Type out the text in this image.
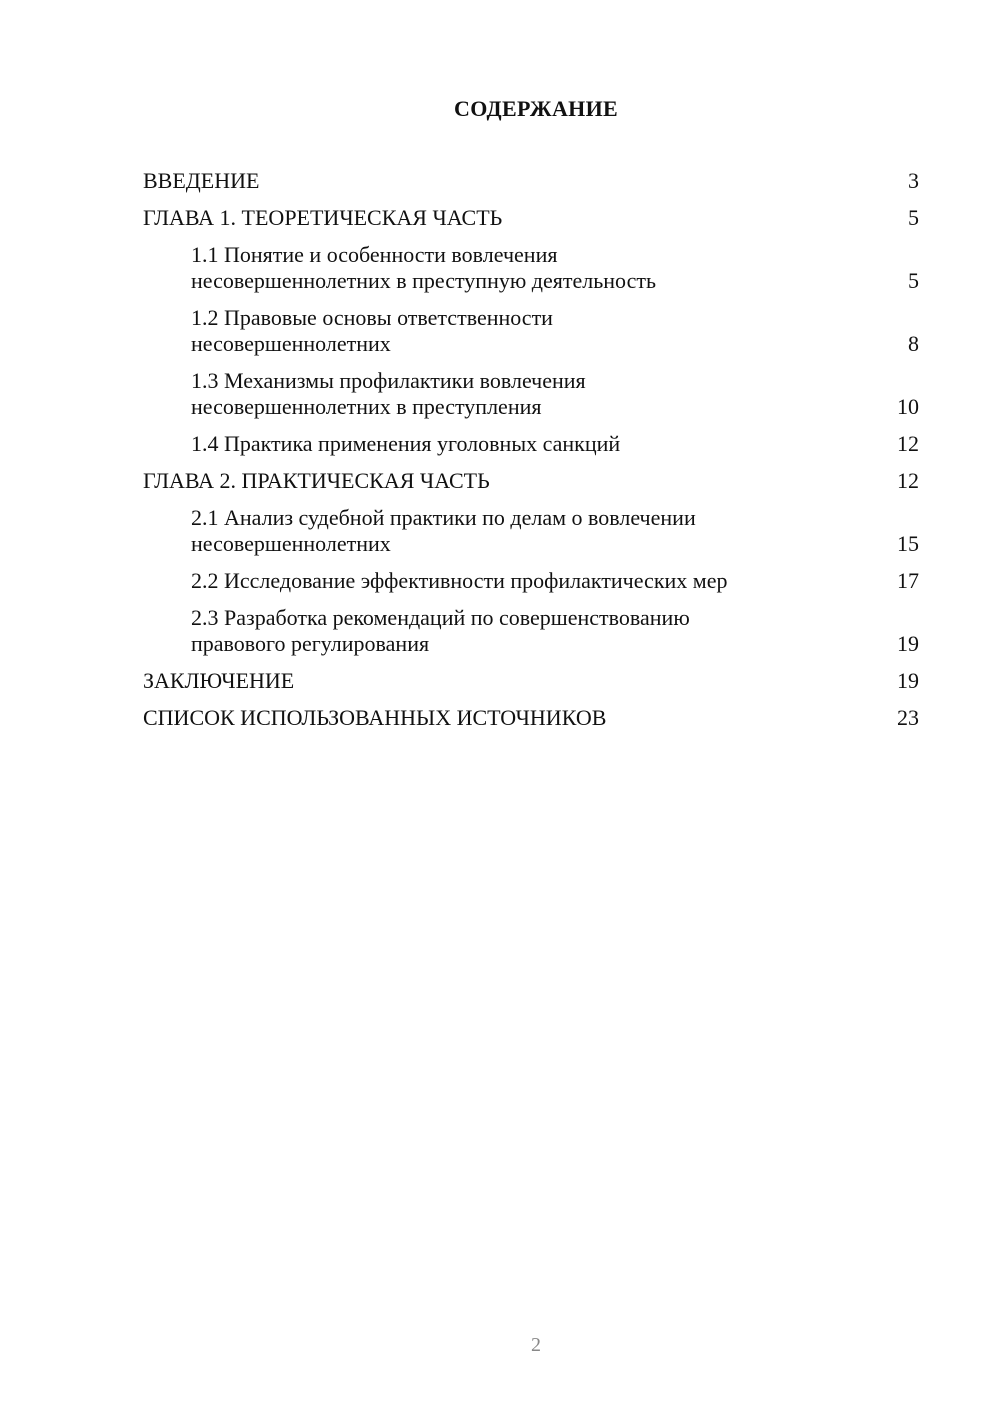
СОДЕРЖАНИЕ
ВВЕДЕНИЕ	3
ГЛАВА 1. ТЕОРЕТИЧЕСКАЯ ЧАСТЬ	5
1.1 Понятие и особенности вовлечения
несовершеннолетних в преступную деятельность	5
1.2 Правовые основы ответственности
несовершеннолетних	8
1.3 Механизмы профилактики вовлечения
несовершеннолетних в преступления	10
1.4 Практика применения уголовных санкций	12
ГЛАВА 2. ПРАКТИЧЕСКАЯ ЧАСТЬ	12
2.1 Анализ судебной практики по делам о вовлечении
несовершеннолетних	15
2.2 Исследование эффективности профилактических мер	17
2.3 Разработка рекомендаций по совершенствованию
правового регулирования	19
ЗАКЛЮЧЕНИЕ	19
СПИСОК ИСПОЛЬЗОВАННЫХ ИСТОЧНИКОВ	23
2
